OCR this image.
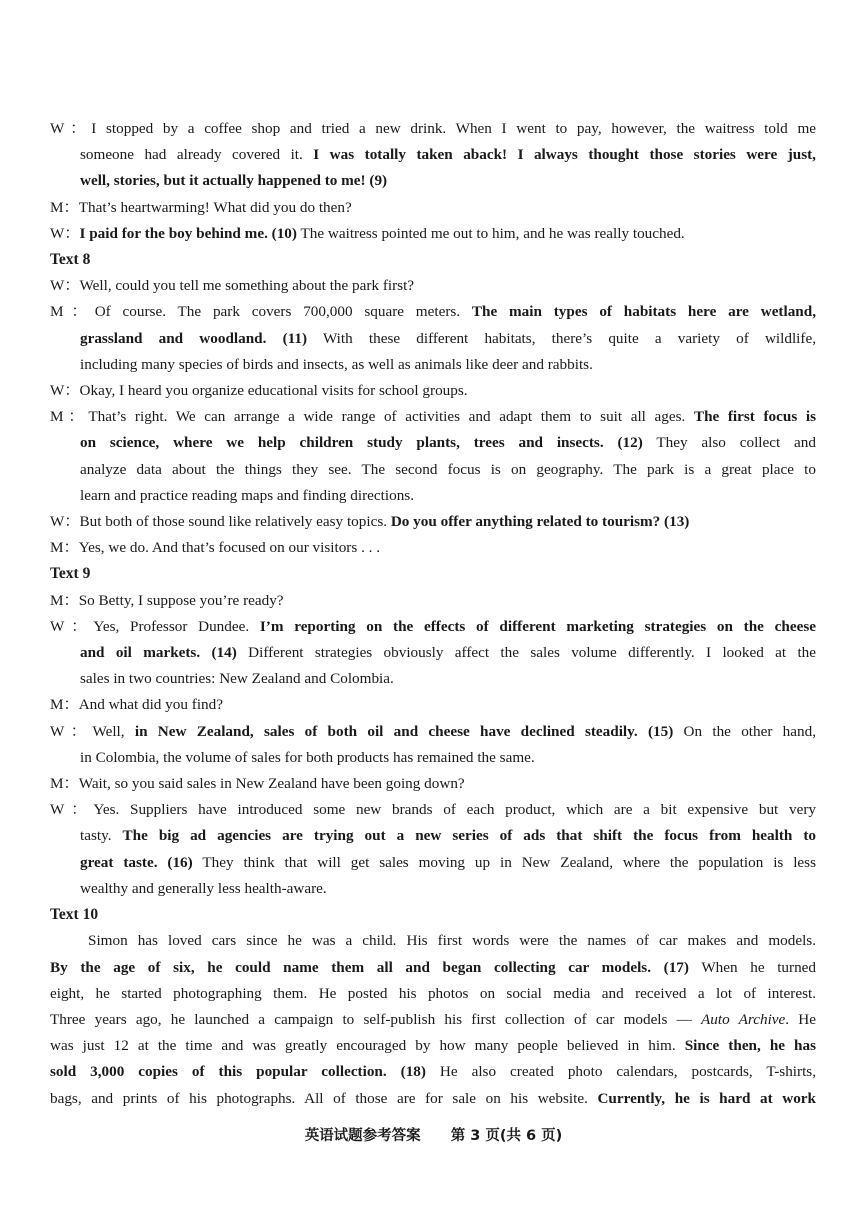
W：I stopped by a coffee shop and tried a new drink. When I went to pay, however, the waitress told me
someone had already covered it. I was totally taken aback! I always thought those stories were just,
well, stories, but it actually happened to me! (9)
M：That’s heartwarming! What did you do then?
W：I paid for the boy behind me. (10) The waitress pointed me out to him, and he was really touched.
Text 8
W：Well, could you tell me something about the park first?
M：Of course. The park covers 700,000 square meters. The main types of habitats here are wetland,
grassland and woodland. (11) With these different habitats, there’s quite a variety of wildlife,
including many species of birds and insects, as well as animals like deer and rabbits.
W：Okay, I heard you organize educational visits for school groups.
M：That’s right. We can arrange a wide range of activities and adapt them to suit all ages. The first focus is
on science, where we help children study plants, trees and insects. (12) They also collect and
analyze data about the things they see. The second focus is on geography. The park is a great place to
learn and practice reading maps and finding directions.
W：But both of those sound like relatively easy topics. Do you offer anything related to tourism? (13)
M：Yes, we do. And that’s focused on our visitors . . .
Text 9
M：So Betty, I suppose you’re ready?
W：Yes, Professor Dundee. I’m reporting on the effects of different marketing strategies on the cheese
and oil markets. (14) Different strategies obviously affect the sales volume differently. I looked at the
sales in two countries: New Zealand and Colombia.
M：And what did you find?
W：Well, in New Zealand, sales of both oil and cheese have declined steadily. (15) On the other hand,
in Colombia, the volume of sales for both products has remained the same.
M：Wait, so you said sales in New Zealand have been going down?
W：Yes. Suppliers have introduced some new brands of each product, which are a bit expensive but very
tasty. The big ad agencies are trying out a new series of ads that shift the focus from health to
great taste. (16) They think that will get sales moving up in New Zealand, where the population is less
wealthy and generally less health-aware.
Text 10
Simon has loved cars since he was a child. His first words were the names of car makes and models.
By the age of six, he could name them all and began collecting car models. (17) When he turned
eight, he started photographing them. He posted his photos on social media and received a lot of interest.
Three years ago, he launched a campaign to self-publish his first collection of car models — Auto Archive. He
was just 12 at the time and was greatly encouraged by how many people believed in him. Since then, he has
sold 3,000 copies of this popular collection. (18) He also created photo calendars, postcards, T-shirts,
bags, and prints of his photographs. All of those are for sale on his website. Currently, he is hard at work
英语试题参考答案 第 3 页(共 6 页)
